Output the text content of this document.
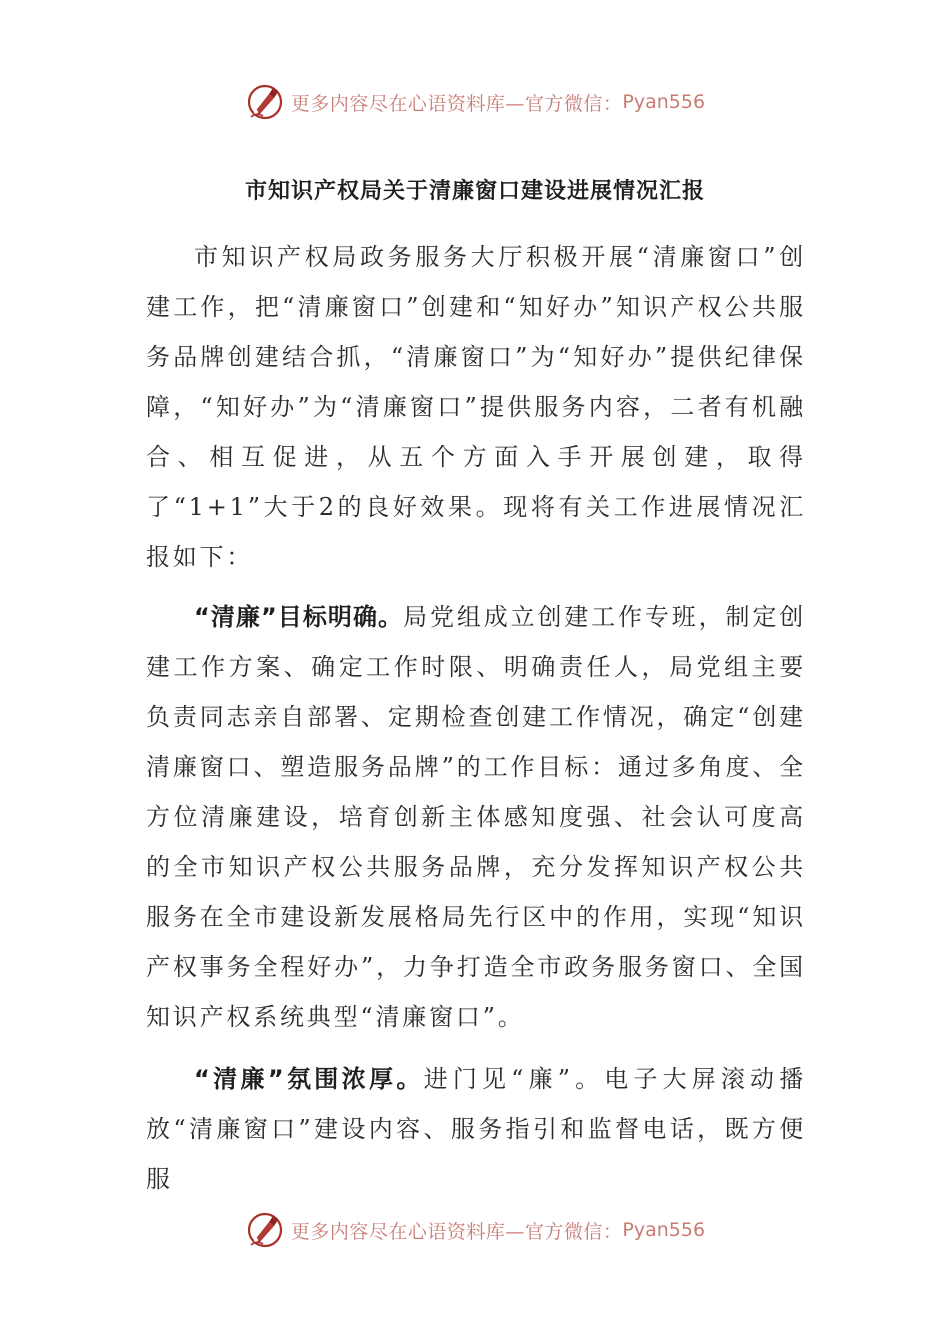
更多内容尽在心语资料库—官方微信： Pyan556
市知识产权局关于清廉窗口建设进展情况汇报

市知识产权局政务服务大厅积极开展“清廉窗口”创建工作，把“清廉窗口”创建和“知好办”知识产权公共服务品牌创建结合抓，“清廉窗口”为“知好办”提供纪律保障，“知好办”为“清廉窗口”提供服务内容，二者有机融合、相互促进，从五个方面入手开展创建，取得了“1+1”大于2的良好效果。现将有关工作进展情况汇报如下：

“清廉”目标明确。局党组成立创建工作专班，制定创建工作方案、确定工作时限、明确责任人，局党组主要负责同志亲自部署、定期检查创建工作情况，确定“创建清廉窗口、塑造服务品牌”的工作目标：通过多角度、全方位清廉建设，培育创新主体感知度强、社会认可度高的全市知识产权公共服务品牌，充分发挥知识产权公共服务在全市建设新发展格局先行区中的作用，实现“知识产权事务全程好办”，力争打造全市政务服务窗口、全国知识产权系统典型“清廉窗口”。

“清廉”氛围浓厚。进门见“廉”。电子大屏滚动播放“清廉窗口”建设内容、服务指引和监督电话，既方便服

更多内容尽在心语资料库—官方微信： Pyan556
